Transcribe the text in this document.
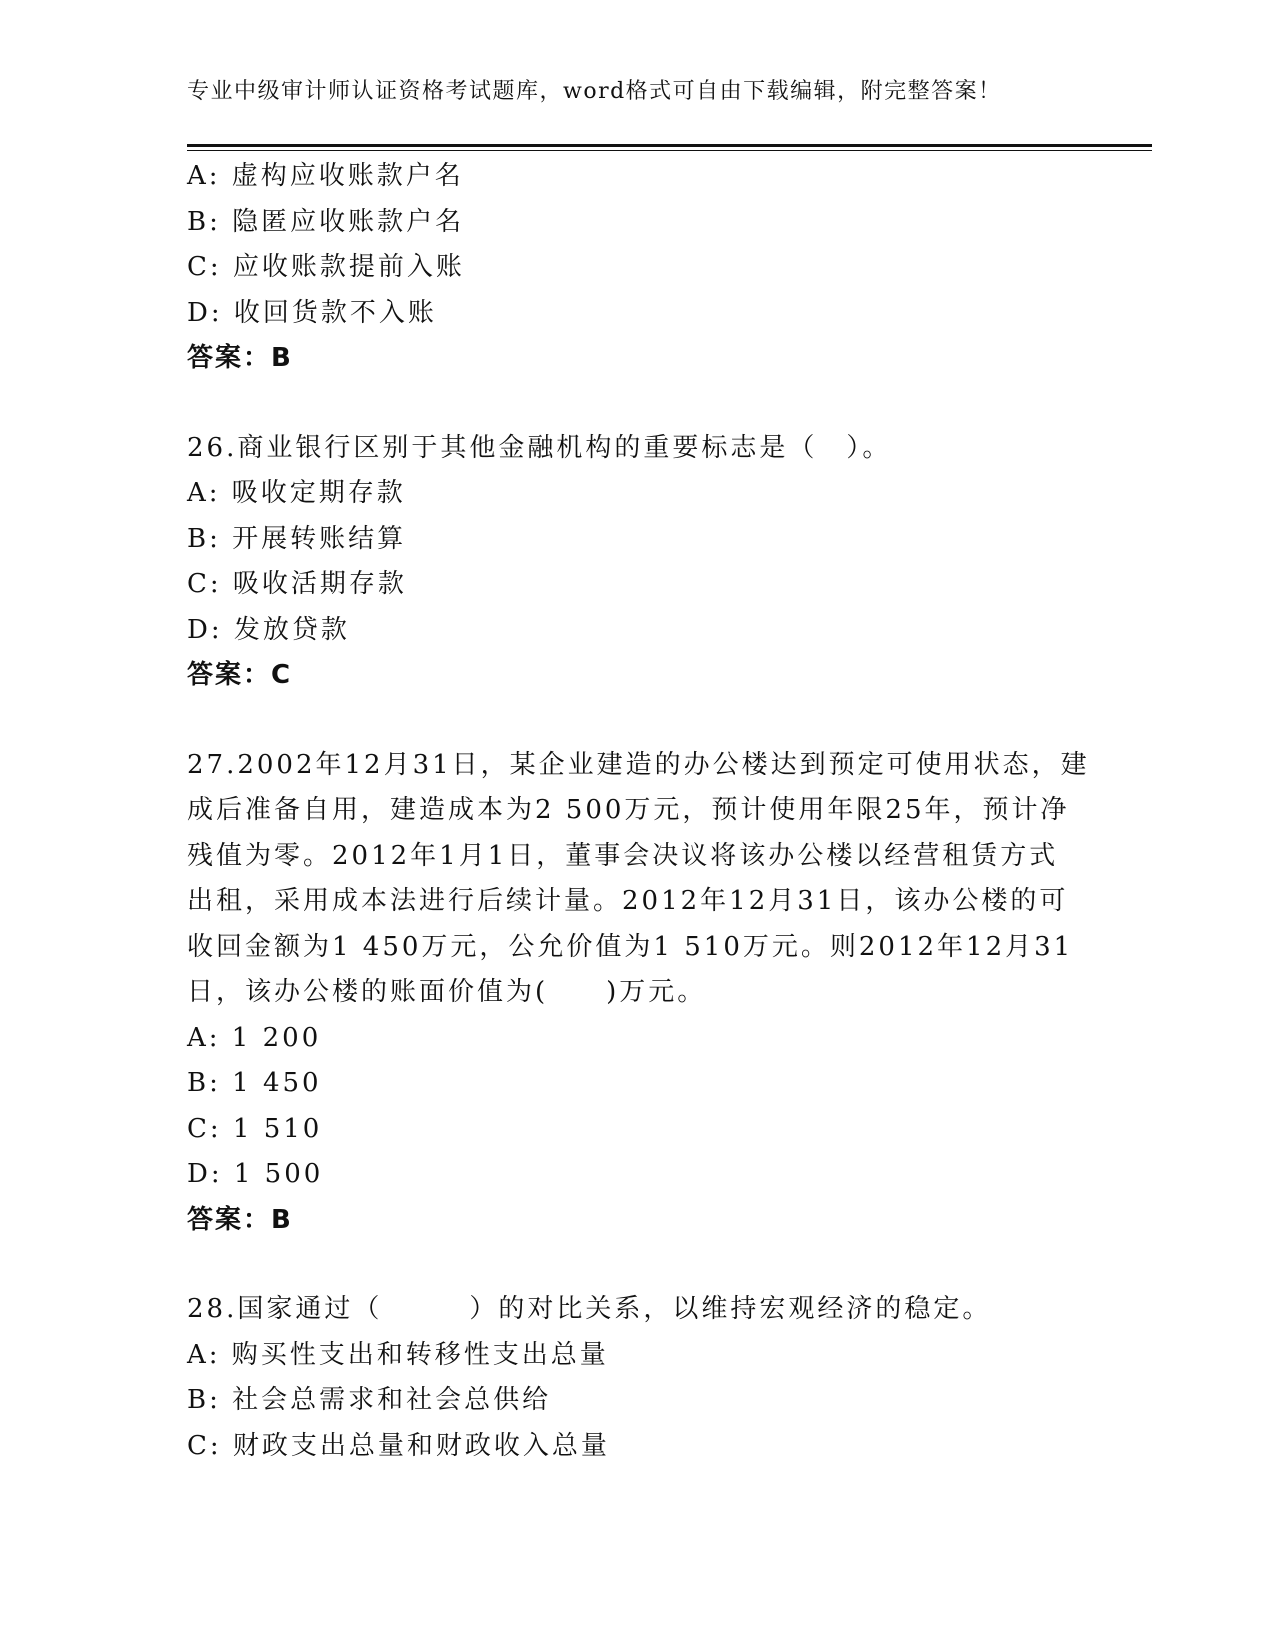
专业中级审计师认证资格考试题库，word格式可自由下载编辑，附完整答案！
A: 虚构应收账款户名
B: 隐匿应收账款户名
C: 应收账款提前入账
D: 收回货款不入账
答案：B
26.商业银行区别于其他金融机构的重要标志是（　）。
A: 吸收定期存款
B: 开展转账结算
C: 吸收活期存款
D: 发放贷款
答案：C
27.2002年12月31日，某企业建造的办公楼达到预定可使用状态，建
成后准备自用，建造成本为2 500万元，预计使用年限25年，预计净
残值为零。2012年1月1日，董事会决议将该办公楼以经营租赁方式
出租，采用成本法进行后续计量。2012年12月31日，该办公楼的可
收回金额为1 450万元，公允价值为1 510万元。则2012年12月31
日，该办公楼的账面价值为(　　)万元。
A: 1 200
B: 1 450
C: 1 510
D: 1 500
答案：B
28.国家通过（　　　）的对比关系，以维持宏观经济的稳定。
A: 购买性支出和转移性支出总量
B: 社会总需求和社会总供给
C: 财政支出总量和财政收入总量
